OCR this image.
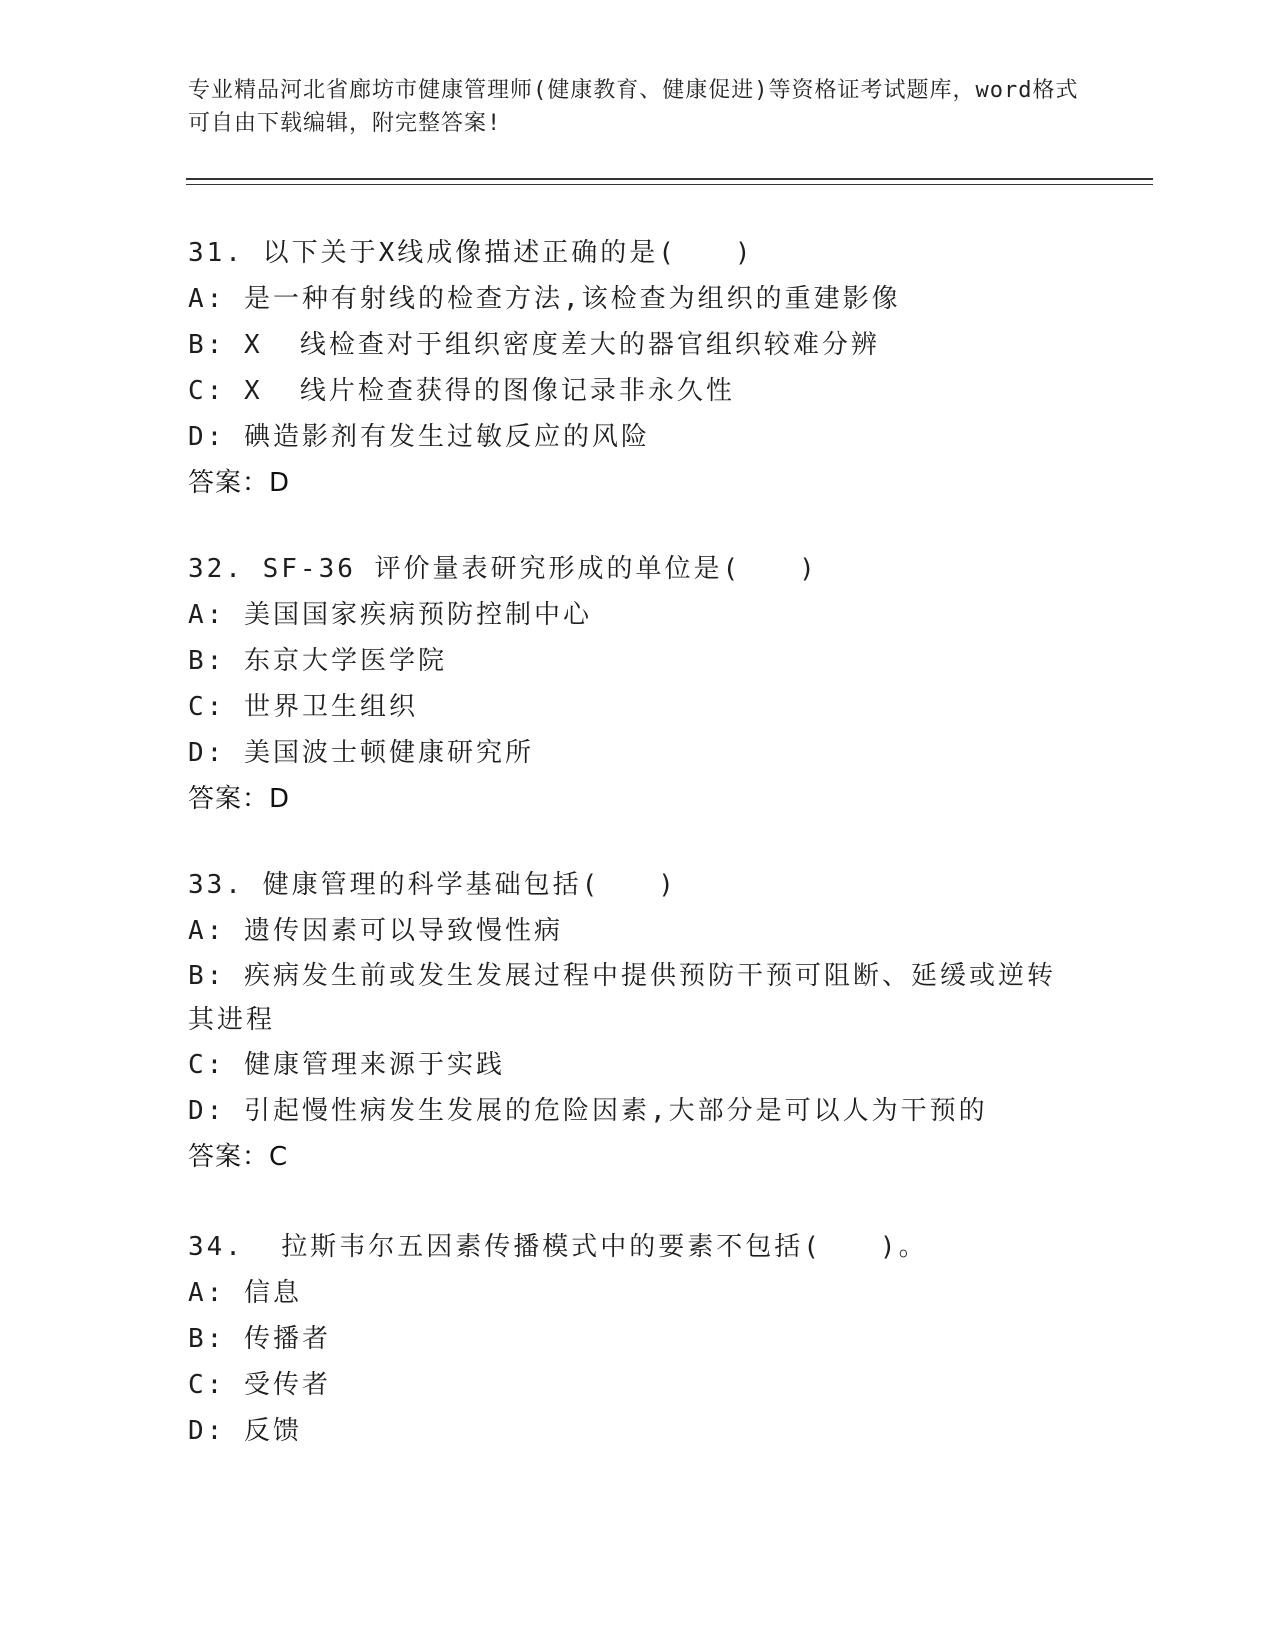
专业精品河北省廊坊市健康管理师(健康教育、健康促进)等资格证考试题库，word格式可自由下载编辑，附完整答案!
31. 以下关于X线成像描述正确的是(　　)
A: 是一种有射线的检查方法,该检查为组织的重建影像
B: X  线检查对于组织密度差大的器官组织较难分辨
C: X  线片检查获得的图像记录非永久性
D: 碘造影剂有发生过敏反应的风险
答案：D
32. SF-36 评价量表研究形成的单位是(　　)
A: 美国国家疾病预防控制中心
B: 东京大学医学院
C: 世界卫生组织
D: 美国波士顿健康研究所
答案：D
33. 健康管理的科学基础包括(　　)
A: 遗传因素可以导致慢性病
B: 疾病发生前或发生发展过程中提供预防干预可阻断、延缓或逆转其进程
C: 健康管理来源于实践
D: 引起慢性病发生发展的危险因素,大部分是可以人为干预的
答案：C
34.  拉斯韦尔五因素传播模式中的要素不包括(　　)。
A: 信息
B: 传播者
C: 受传者
D: 反馈
